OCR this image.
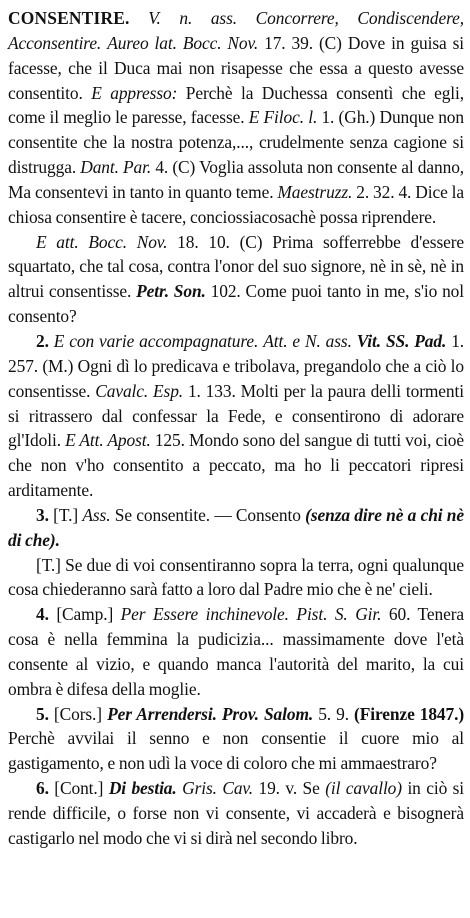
CONSENTIRE. V. n. ass. Concorrere, Condiscendere, Acconsentire. Aureo lat. Bocc. Nov. 17. 39. (C) Dove in guisa si facesse, che il Duca mai non risapesse che essa a questo avesse consentito. E appresso: Perchè la Duchessa consentì che egli, come il meglio le paresse, facesse. E Filoc. l. 1. (Gh.) Dunque non consentite che la nostra potenza,..., crudelmente senza cagione si distrugga. Dant. Par. 4. (C) Voglia assoluta non consente al danno, Ma consentevi in tanto in quanto teme. Maestruzz. 2. 32. 4. Dice la chiosa consentire è tacere, conciossiacosachè possa riprendere.

E att. Bocc. Nov. 18. 10. (C) Prima sofferrebbe d'essere squartato, che tal cosa, contra l'onor del suo signore, nè in sè, nè in altrui consentisse. Petr. Son. 102. Come puoi tanto in me, s'io nol consento?

2. E con varie accompagnature. Att. e N. ass. Vit. SS. Pad. 1. 257. (M.) Ogni dì lo predicava e tribolava, pregandolo che a ciò lo consentisse. Cavalc. Esp. 1. 133. Molti per la paura delli tormenti si ritrassero dal confessar la Fede, e consentirono di adorare gl'Idoli. E Att. Apost. 125. Mondo sono del sangue di tutti voi, cioè che non v'ho consentito a peccato, ma ho li peccatori ripresi arditamente.

3. [T.] Ass. Se consentite. — Consento (senza dire nè a chi nè di che).

[T.] Se due di voi consentiranno sopra la terra, ogni qualunque cosa chiederanno sarà fatto a loro dal Padre mio che è ne' cieli.

4. [Camp.] Per Essere inchinevole. Pist. S. Gir. 60. Tenera cosa è nella femmina la pudicizia... massimamente dove l'età consente al vizio, e quando manca l'autorità del marito, la cui ombra è difesa della moglie.

5. [Cors.] Per Arrendersi. Prov. Salom. 5. 9. (Firenze 1847.) Perchè avvilai il senno e non consentie il cuore mio al gastigamento, e non udì la voce di coloro che mi ammaestraro?

6. [Cont.] Di bestia. Gris. Cav. 19. v. Se (il cavallo) in ciò si rende difficile, o forse non vi consente, vi accaderà e bisognerà castigarlo nel modo che vi si dirà nel secondo libro.
